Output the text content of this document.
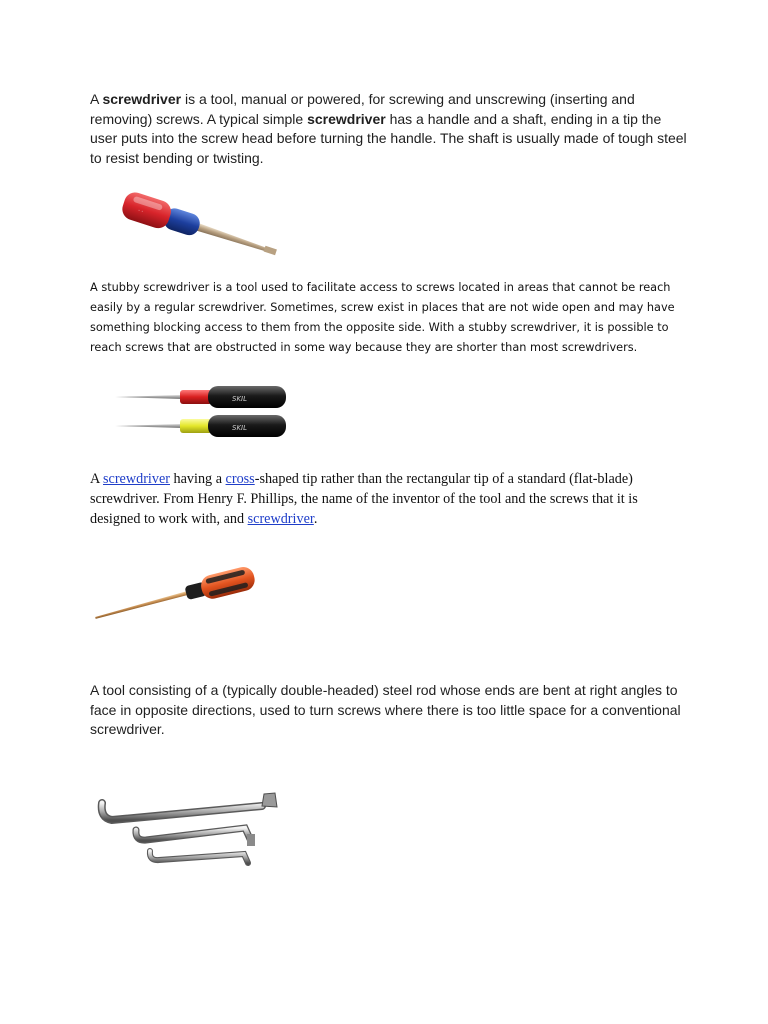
A screwdriver is a tool, manual or powered, for screwing and unscrewing (inserting and removing) screws. A typical simple screwdriver has a handle and a shaft, ending in a tip the user puts into the screw head before turning the handle. The shaft is usually made of tough steel to resist bending or twisting.

· ·

A stubby screwdriver is a tool used to facilitate access to screws located in areas that cannot be reach easily by a regular screwdriver. Sometimes, screw exist in places that are not wide open and may have something blocking access to them from the opposite side. With a stubby screwdriver, it is possible to reach screws that are obstructed in some way because they are shorter than most screwdrivers.

SKIL
SKIL

A screwdriver having a cross-shaped tip rather than the rectangular tip of a standard (flat-blade) screwdriver. From Henry F. Phillips, the name of the inventor of the tool and the screws that it is designed to work with, and screwdriver.

A tool consisting of a (typically double-headed) steel rod whose ends are bent at right angles to face in opposite directions, used to turn screws where there is too little space for a conventional screwdriver.
